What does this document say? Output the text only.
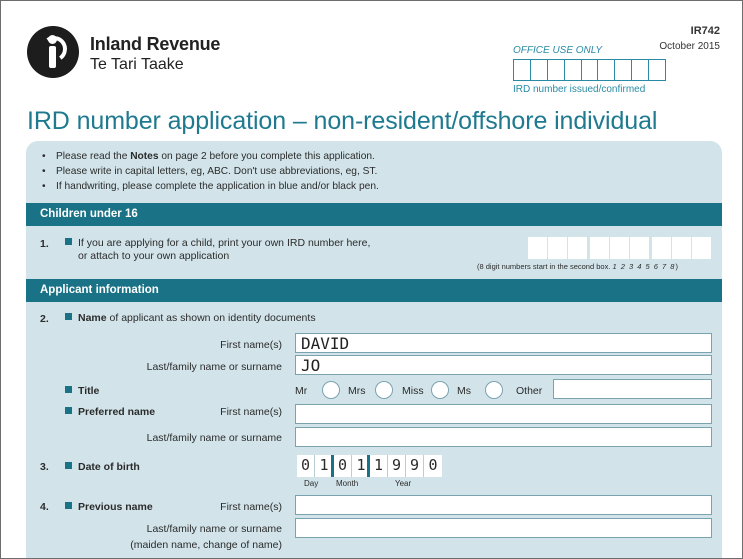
Inland Revenue
Te Tari Taake
IR742
October 2015
OFFICE USE ONLY
IRD number issued/confirmed
IRD number application – non-resident/offshore individual
• Please read the Notes on page 2 before you complete this application.
• Please write in capital letters, eg, ABC. Don't use abbreviations, eg, ST.
• If handwriting, please complete the application in blue and/or black pen.
Children under 16
1.	If you are applying for a child, print your own IRD number here,
or attach to your own application
(8 digit numbers start in the second box. 1 2 3 4 5 6 7 8)
Applicant information
2.	Name of applicant as shown on identity documents
First name(s)	DAVID
Last/family name or surname	JO
Title	Mr	Mrs	Miss	Ms	Other
Preferred name	First name(s)
Last/family name or surname
3.	Date of birth	0 1 0 1 1 9 9 0
Day Month	Year
4.	Previous name	First name(s)
Last/family name or surname
(maiden name, change of name)
